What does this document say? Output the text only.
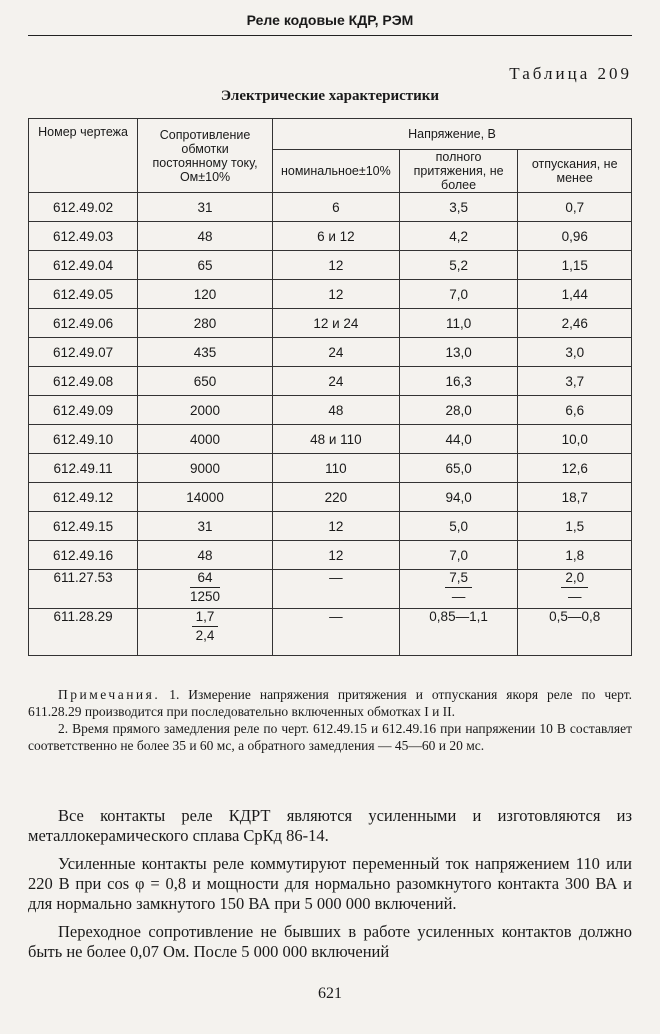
Реле кодовые КДР, РЭМ
Таблица 209
Электрические характеристики
Номер чертежа	Сопротивление обмотки постоянному току, Ом±10%	Напряжение, В		
		номинальное±10%	полного притяжения, не более	отпускания, не менее
612.49.02	31	6	3,5	0,7
612.49.03	48	6 и 12	4,2	0,96
612.49.04	65	12	5,2	1,15
612.49.05	120	12	7,0	1,44
612.49.06	280	12 и 24	11,0	2,46
612.49.07	435	24	13,0	3,0
612.49.08	650	24	16,3	3,7
612.49.09	2000	48	28,0	6,6
612.49.10	4000	48 и 110	44,0	10,0
612.49.11	9000	110	65,0	12,6
612.49.12	14000	220	94,0	18,7
612.49.15	31	12	5,0	1,5
612.49.16	48	12	7,0	1,8
611.27.53	$\frac{64}{1250}$	—	$\frac{7,5}{—}$	$\frac{2,0}{—}$

611.28.29	$\frac{1,7}{2,4}$	—	0,85—1,1	0,5—0,8

Примечания. 1. Измерение напряжения притяжения и отпускания якоря реле по черт. 611.28.29 производится при последовательно включенных обмотках I и II.

2. Время прямого замедления реле по черт. 612.49.15 и 612.49.16 при напряжении 10 В составляет соответственно не более 35 и 60 мс, а обратного замедления — 45—60 и 20 мс.

Все контакты реле КДРТ являются усиленными и изготовляются из металлокерамического сплава СрКд 86-14.

Усиленные контакты реле коммутируют переменный ток напряжением 110 или 220 В при cos φ = 0,8 и мощности для нормально разомкнутого контакта 300 ВА и для нормально замкнутого 150 ВА при 5 000 000 включений.

Переходное сопротивление не бывших в работе усиленных контактов должно быть не более 0,07 Ом. После 5 000 000 включений

621
